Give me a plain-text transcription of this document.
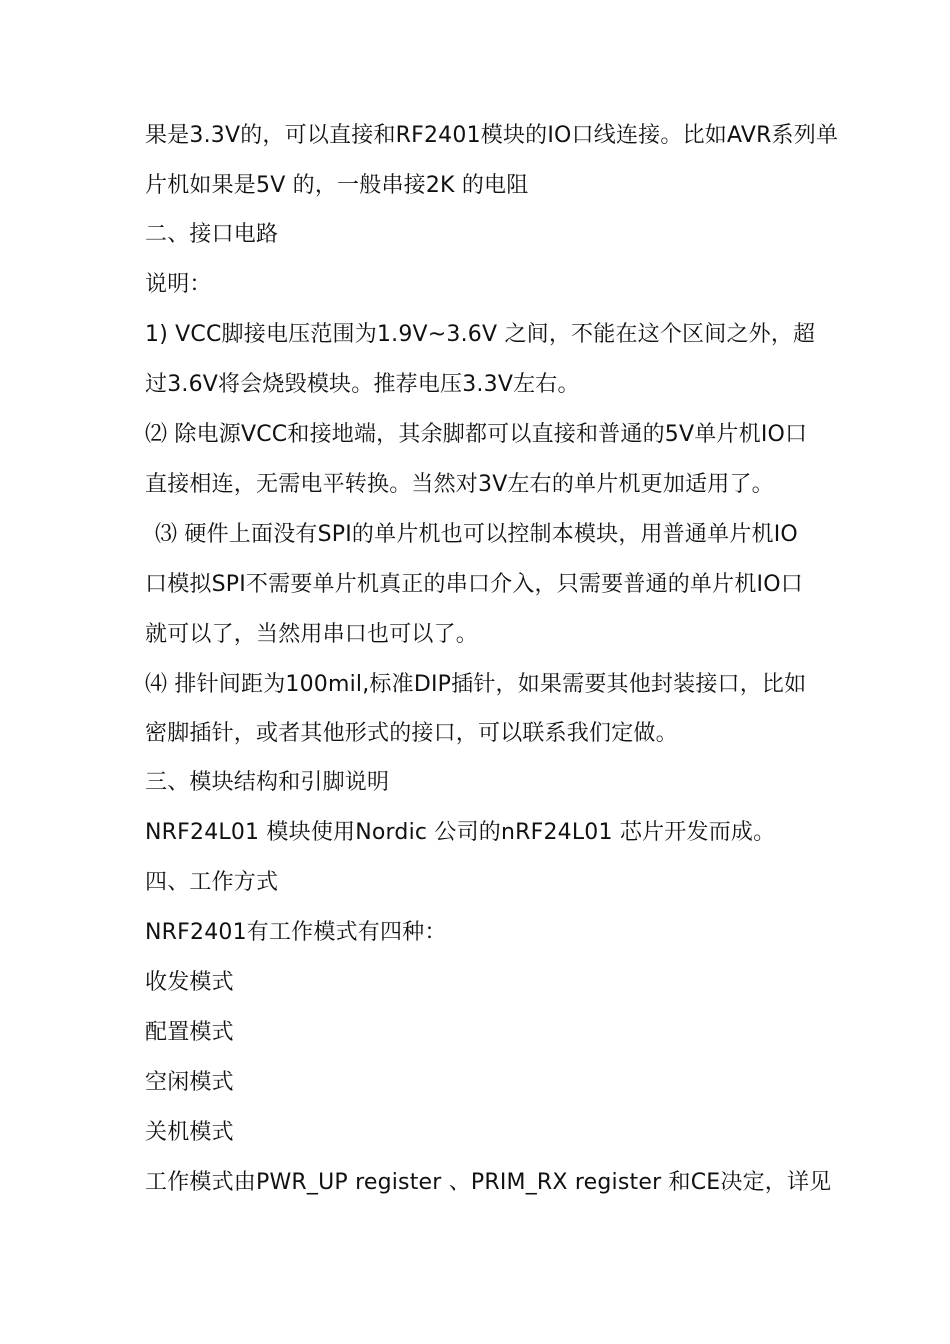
果是3.3V的，可以直接和RF2401模块的IO口线连接。比如AVR系列单
片机如果是5V 的，一般串接2K 的电阻
二、接口电路
说明：
1) VCC脚接电压范围为1.9V~3.6V 之间，不能在这个区间之外，超
过3.6V将会烧毁模块。推荐电压3.3V左右。
⑵ 除电源VCC和接地端，其余脚都可以直接和普通的5V单片机IO口
直接相连，无需电平转换。当然对3V左右的单片机更加适用了。
⑶ 硬件上面没有SPI的单片机也可以控制本模块，用普通单片机IO
口模拟SPI不需要单片机真正的串口介入，只需要普通的单片机IO口
就可以了，当然用串口也可以了。
⑷ 排针间距为100mil,标准DIP插针，如果需要其他封装接口，比如
密脚插针，或者其他形式的接口，可以联系我们定做。
三、模块结构和引脚说明
NRF24L01 模块使用Nordic 公司的nRF24L01 芯片开发而成。
四、工作方式
NRF2401有工作模式有四种：
收发模式
配置模式
空闲模式
关机模式
工作模式由PWR_UP register 、PRIM_RX register 和CE决定，详见
